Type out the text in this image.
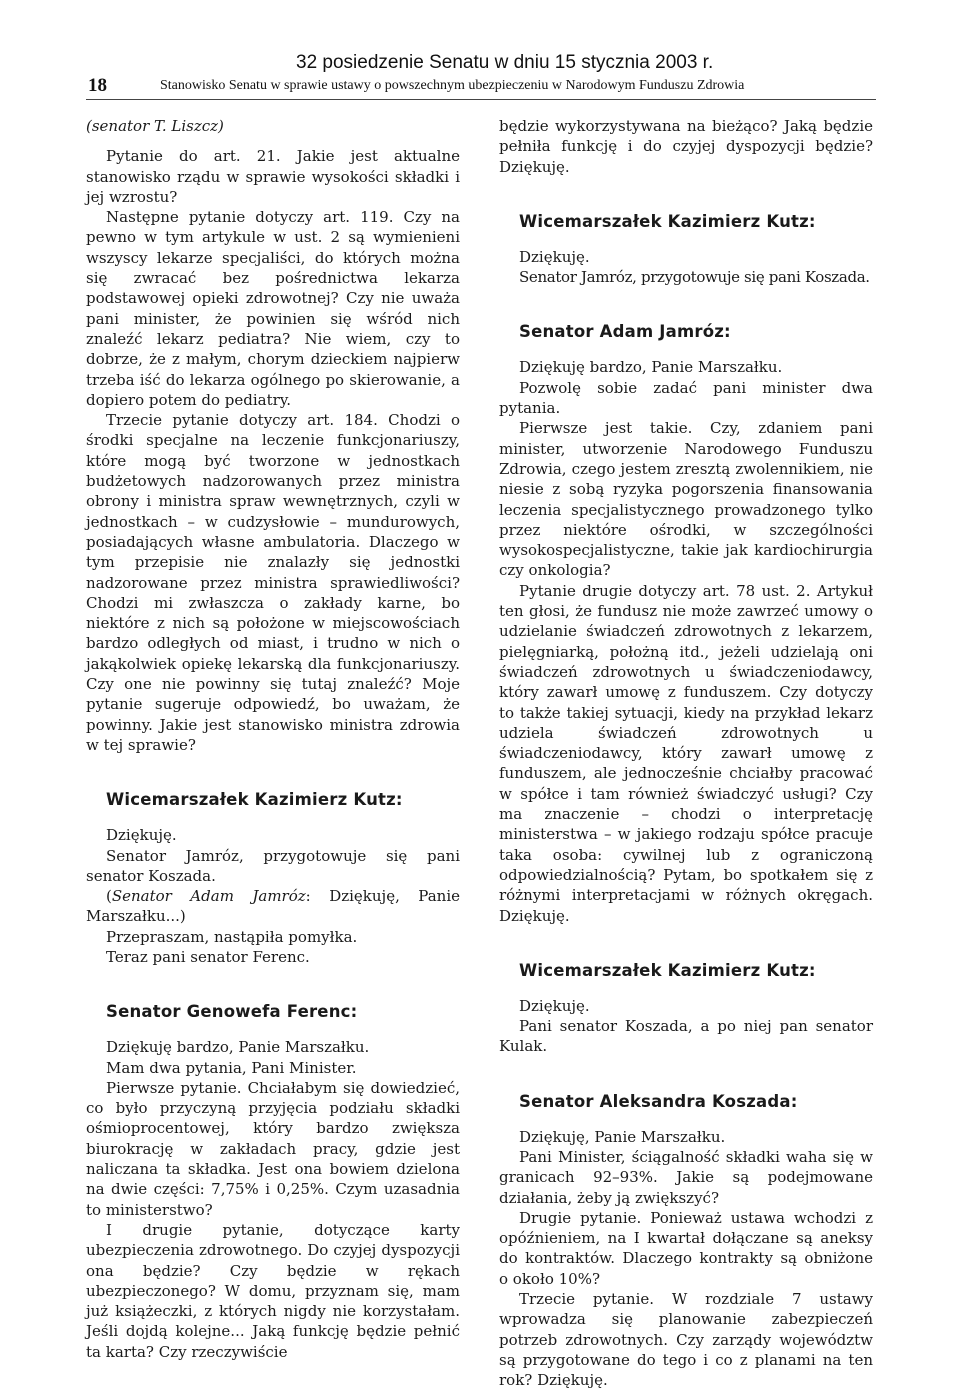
32 posiedzenie Senatu w dniu 15 stycznia 2003 r.
18	Stanowisko Senatu w sprawie ustawy o powszechnym ubezpieczeniu w Narodowym Funduszu Zdrowia

(senator T. Liszcz)

Pytanie do art. 21. Jakie jest aktualne stanowisko rządu w sprawie wysokości składki i jej wzrostu?

Następne pytanie dotyczy art. 119. Czy na pewno w tym artykule w ust. 2 są wymienieni wszyscy lekarze specjaliści, do których można się zwracać bez pośrednictwa lekarza podstawowej opieki zdrowotnej? Czy nie uważa pani minister, że powinien się wśród nich znaleźć lekarz pediatra? Nie wiem, czy to dobrze, że z małym, chorym dzieckiem najpierw trzeba iść do lekarza ogólnego po skierowanie, a dopiero potem do pediatry.

Trzecie pytanie dotyczy art. 184. Chodzi o środki specjalne na leczenie funkcjonariuszy, które mogą być tworzone w jednostkach budżetowych nadzorowanych przez ministra obrony i ministra spraw wewnętrznych, czyli w jednostkach – w cudzysłowie – mundurowych, posiadających własne ambulatoria. Dlaczego w tym przepisie nie znalazły się jednostki nadzorowane przez ministra sprawiedliwości? Chodzi mi zwłaszcza o zakłady karne, bo niektóre z nich są położone w miejscowościach bardzo odległych od miast, i trudno w nich o jakąkolwiek opiekę lekarską dla funkcjonariuszy. Czy one nie powinny się tutaj znaleźć? Moje pytanie sugeruje odpowiedź, bo uważam, że powinny. Jakie jest stanowisko ministra zdrowia w tej sprawie?

Wicemarszałek Kazimierz Kutz:

Dziękuję.

Senator Jamróz, przygotowuje się pani senator Koszada.

(Senator Adam Jamróz: Dziękuję, Panie Marszałku...)

Przepraszam, nastąpiła pomyłka.

Teraz pani senator Ferenc.

Senator Genowefa Ferenc:

Dziękuję bardzo, Panie Marszałku.

Mam dwa pytania, Pani Minister.

Pierwsze pytanie. Chciałabym się dowiedzieć, co było przyczyną przyjęcia podziału składki ośmioprocentowej, który bardzo zwiększa biurokrację w zakładach pracy, gdzie jest naliczana ta składka. Jest ona bowiem dzielona na dwie części: 7,75% i 0,25%. Czym uzasadnia to ministerstwo?

I drugie pytanie, dotyczące karty ubezpieczenia zdrowotnego. Do czyjej dyspozycji ona będzie? Czy będzie w rękach ubezpieczonego? W domu, przyznam się, mam już książeczki, z których nigdy nie korzystałam. Jeśli dojdą kolejne... Jaką funkcję będzie pełnić ta karta? Czy rzeczywiście

będzie wykorzystywana na bieżąco? Jaką będzie pełniła funkcję i do czyjej dyspozycji będzie? Dziękuję.

Wicemarszałek Kazimierz Kutz:

Dziękuję.

Senator Jamróz, przygotowuje się pani Koszada.

Senator Adam Jamróz:

Dziękuję bardzo, Panie Marszałku.

Pozwolę sobie zadać pani minister dwa pytania.

Pierwsze jest takie. Czy, zdaniem pani minister, utworzenie Narodowego Funduszu Zdrowia, czego jestem zresztą zwolennikiem, nie niesie z sobą ryzyka pogorszenia finansowania leczenia specjalistycznego prowadzonego tylko przez niektóre ośrodki, w szczególności wysokospecjalistyczne, takie jak kardiochirurgia czy onkologia?

Pytanie drugie dotyczy art. 78 ust. 2. Artykuł ten głosi, że fundusz nie może zawrzeć umowy o udzielanie świadczeń zdrowotnych z lekarzem, pielęgniarką, położną itd., jeżeli udzielają oni świadczeń zdrowotnych u świadczeniodawcy, który zawarł umowę z funduszem. Czy dotyczy to także takiej sytuacji, kiedy na przykład lekarz udziela świadczeń zdrowotnych u świadczeniodawcy, który zawarł umowę z funduszem, ale jednocześnie chciałby pracować w spółce i tam również świadczyć usługi? Czy ma znaczenie – chodzi o interpretację ministerstwa – w jakiego rodzaju spółce pracuje taka osoba: cywilnej lub z ograniczoną odpowiedzialnością? Pytam, bo spotkałem się z różnymi interpretacjami w różnych okręgach. Dziękuję.

Wicemarszałek Kazimierz Kutz:

Dziękuję.

Pani senator Koszada, a po niej pan senator Kulak.

Senator Aleksandra Koszada:

Dziękuję, Panie Marszałku.

Pani Minister, ściągalność składki waha się w granicach 92–93%. Jakie są podejmowane działania, żeby ją zwiększyć?

Drugie pytanie. Ponieważ ustawa wchodzi z opóźnieniem, na I kwartał dołączane są aneksy do kontraktów. Dlaczego kontrakty są obniżone o około 10%?

Trzecie pytanie. W rozdziale 7 ustawy wprowadza się planowanie zabezpieczeń potrzeb zdrowotnych. Czy zarządy województw są przygotowane do tego i co z planami na ten rok? Dziękuję.
